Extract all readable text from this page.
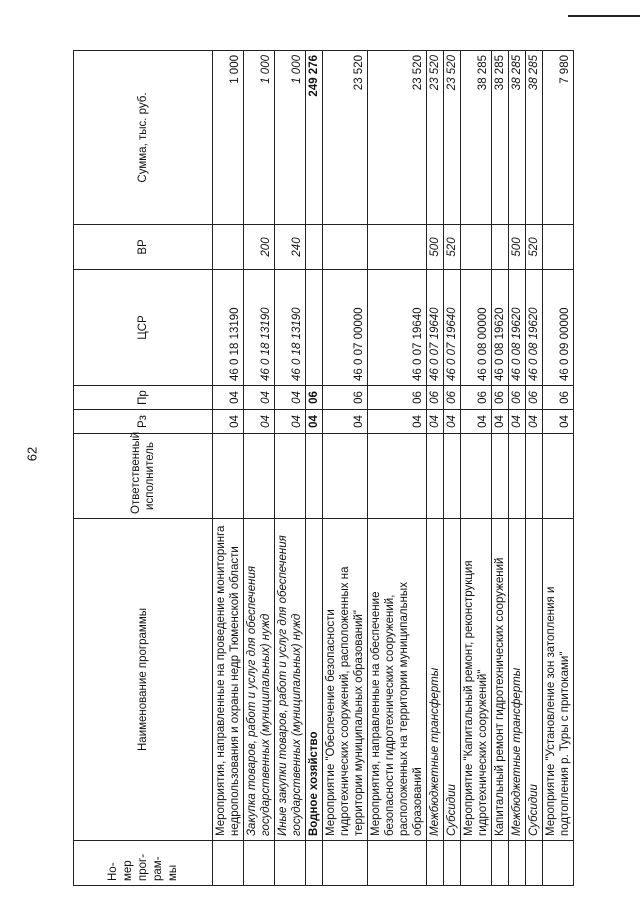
62
Но-мер прог-рам-мы	Наименование программы	Ответственный исполнитель	Рз	Пр	ЦСР	ВР	Сумма, тыс. руб.
	Мероприятия, направленные на проведение мониторинга недропользования и охраны недр Тюменской области		04	04	46 0 18 13190		1 000
	Закупка товаров, работ и услуг для обеспечения государственных (муниципальных) нужд		04	04	46 0 18 13190	200	1 000
	Иные закупки товаров, работ и услуг для обеспечения государственных (муниципальных) нужд		04	04	46 0 18 13190	240	1 000
	Водное хозяйство		04	06			249 276
	Мероприятие "Обеспечение безопасности гидротехнических сооружений, расположенных на территории муниципальных образований"		04	06	46 0 07 00000		23 520
	Мероприятия, направленные на обеспечение безопасности гидротехнических сооружений, расположенных на территории муниципальных образований		04	06	46 0 07 19640		23 520
	Межбюджетные трансферты		04	06	46 0 07 19640	500	23 520
	Субсидии		04	06	46 0 07 19640	520	23 520
	Мероприятие "Капитальный ремонт, реконструкция гидротехнических сооружений"		04	06	46 0 08 00000		38 285
	Капитальный ремонт гидротехнических сооружений		04	06	46 0 08 19620		38 285
	Межбюджетные трансферты		04	06	46 0 08 19620	500	38 285
	Субсидии		04	06	46 0 08 19620	520	38 285
	Мероприятие "Установление зон затопления и подтопления р. Туры с притоками"		04	06	46 0 09 00000		7 980
